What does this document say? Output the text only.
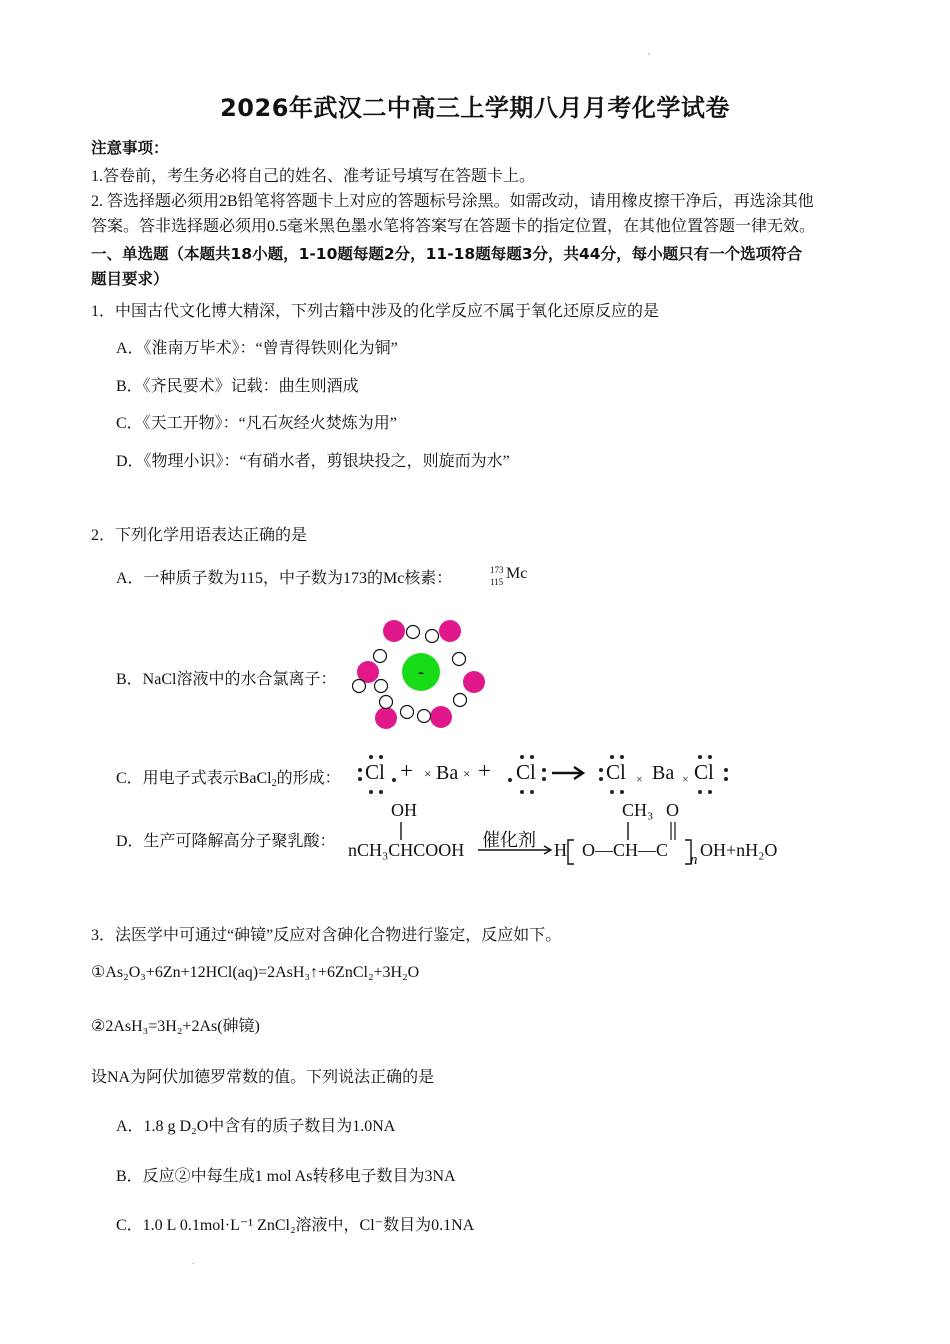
'
2026年武汉二中高三上学期八月月考化学试卷
注意事项：
1.答卷前，考生务必将自己的姓名、准考证号填写在答题卡上。
2. 答选择题必须用2B铅笔将答题卡上对应的答题标号涂黑。如需改动，请用橡皮擦干净后，再选涂其他
答案。答非选择题必须用0.5毫米黑色墨水笔将答案写在答题卡的指定位置，在其他位置答题一律无效。
一、单选题（本题共18小题，1-10题每题2分，11-18题每题3分，共44分，每小题只有一个选项符合
题目要求）
1．中国古代文化博大精深，下列古籍中涉及的化学反应不属于氧化还原反应的是
A．《淮南万毕术》：“曾青得铁则化为铜”
B．《齐民要术》记载：曲生则酒成
C．《天工开物》：“凡石灰经火焚炼为用”
D．《物理小识》：“有硝水者，剪银块投之，则旋而为水”
2．下列化学用语表达正确的是
A．一种质子数为115，中子数为173的Mc核素：	173
115 Mc
B．NaCl溶液中的水合氯离子：	-
C．用电子式表示BaCl$_2$的形成： Cl + × Ba × + Cl → Cl × Ba × Cl
D．生产可降解高分子聚乳酸：
OH
nCH₃CHCOOH 催化剂 H
CH₃ O
O—CH—C n OH+nH₂O
3．法医学中可通过“砷镜”反应对含砷化合物进行鉴定，反应如下。
①As₂O₃+6Zn+12HCl(aq)=2AsH₃↑+6ZnCl₂+3H₂O
②2AsH₃=3H₂+2As(砷镜)
设NA为阿伏加德罗常数的值。下列说法正确的是
A．1.8 g D₂O中含有的质子数目为1.0NA
B．反应②中每生成1 mol As转移电子数目为3NA
C．1.0 L 0.1mol·L⁻¹ ZnCl₂溶液中，Cl⁻数目为0.1NA
.
